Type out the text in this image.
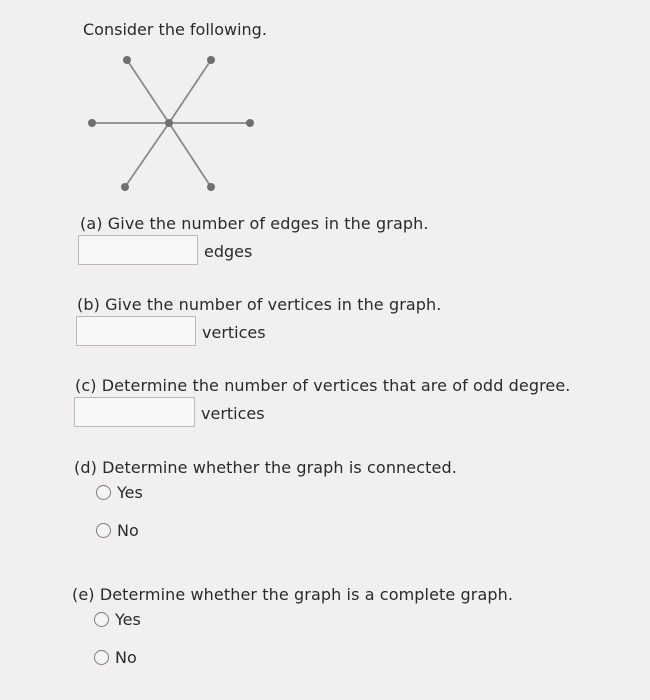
Consider the following.
(a) Give the number of edges in the graph.
edges
(b) Give the number of vertices in the graph.
vertices
(c) Determine the number of vertices that are of odd degree.
vertices
(d) Determine whether the graph is connected.
Yes
No
(e) Determine whether the graph is a complete graph.
Yes
No
